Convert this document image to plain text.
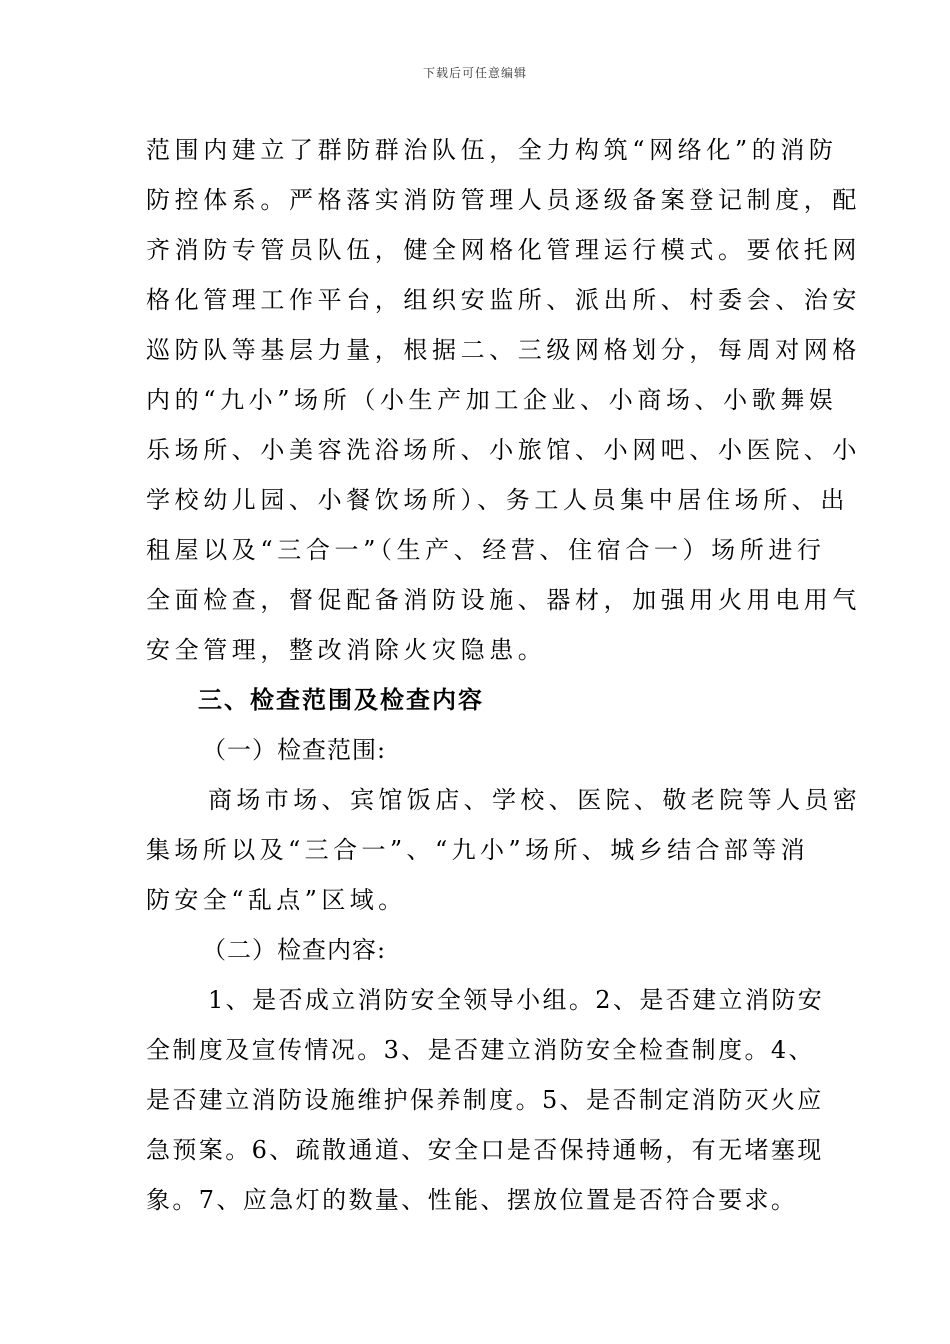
下载后可任意编辑
范围内建立了群防群治队伍，全力构筑“网络化”的消防
防控体系。严格落实消防管理人员逐级备案登记制度，配
齐消防专管员队伍，健全网格化管理运行模式。要依托网
格化管理工作平台，组织安监所、派出所、村委会、治安
巡防队等基层力量，根据二、三级网格划分，每周对网格
内的“九小”场所（小生产加工企业、小商场、小歌舞娱
乐场所、小美容洗浴场所、小旅馆、小网吧、小医院、小
学校幼儿园、小餐饮场所）、务工人员集中居住场所、出
租屋以及“三合一”（生产、经营、住宿合一）场所进行
全面检查，督促配备消防设施、器材，加强用火用电用气
安全管理，整改消除火灾隐患。
三、检查范围及检查内容
（一）检查范围:
商场市场、宾馆饭店、学校、医院、敬老院等人员密
集场所以及“三合一”、“九小”场所、城乡结合部等消
防安全“乱点”区域。
（二）检查内容:
1、是否成立消防安全领导小组。2、是否建立消防安
全制度及宣传情况。3、是否建立消防安全检查制度。4、
是否建立消防设施维护保养制度。5、是否制定消防灭火应
急预案。6、疏散通道、安全口是否保持通畅，有无堵塞现
象。7、应急灯的数量、性能、摆放位置是否符合要求。
